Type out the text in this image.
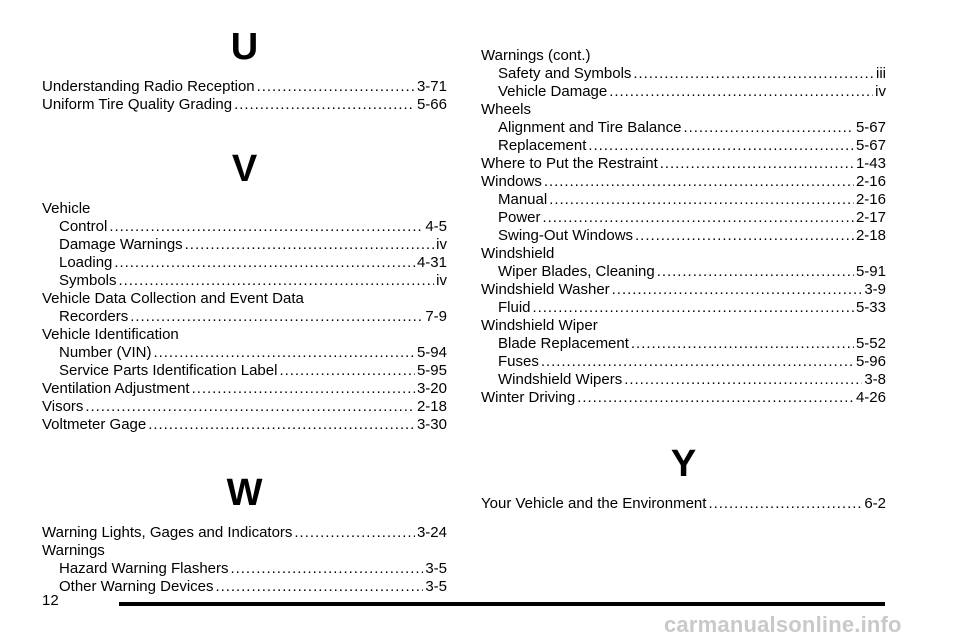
U
Understanding Radio Reception . . .	3-71
Uniform Tire Quality Grading . . .	5-66
V
Vehicle
Control . . .	4-5
Damage Warnings . . .	iv
Loading . . .	4-31
Symbols . . .	iv
Vehicle Data Collection and Event Data
Recorders . . .	7-9
Vehicle Identification
Number (VIN) . . .	5-94
Service Parts Identification Label . . .	5-95
Ventilation Adjustment . . .	3-20
Visors . . .	2-18
Voltmeter Gage . . .	3-30
W
Warning Lights, Gages and Indicators . . .	3-24
Warnings
Hazard Warning Flashers . . .	3-5
Other Warning Devices . . .	3-5
Warnings (cont.)
Safety and Symbols . . .	iii
Vehicle Damage . . .	iv
Wheels
Alignment and Tire Balance . . .	5-67
Replacement . . .	5-67
Where to Put the Restraint . . .	1-43
Windows . . .	2-16
Manual . . .	2-16
Power . . .	2-17
Swing-Out Windows . . .	2-18
Windshield
Wiper Blades, Cleaning . . .	5-91
Windshield Washer . . .	3-9
Fluid . . .	5-33
Windshield Wiper
Blade Replacement . . .	5-52
Fuses . . .	5-96
Windshield Wipers . . .	3-8
Winter Driving . . .	4-26
Y
Your Vehicle and the Environment . . .	6-2
12
carmanualsonline.info
